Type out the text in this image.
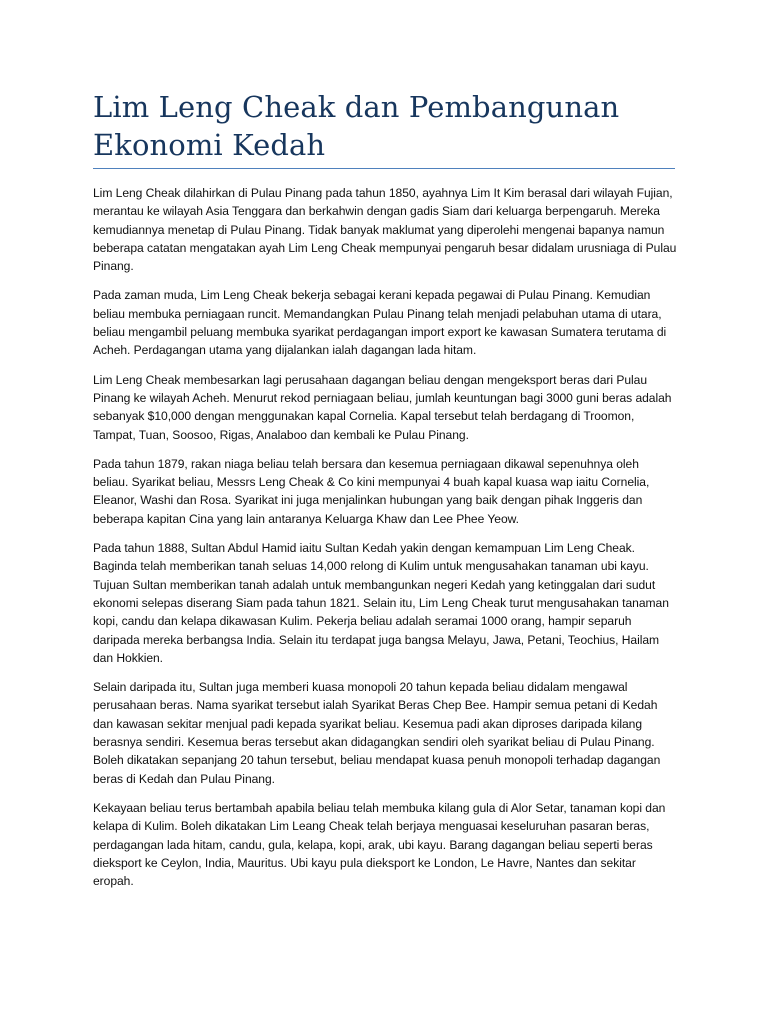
Lim Leng Cheak dan Pembangunan Ekonomi Kedah

Lim Leng Cheak dilahirkan di Pulau Pinang pada tahun 1850, ayahnya Lim It Kim berasal dari wilayah Fujian, merantau ke wilayah Asia Tenggara dan berkahwin dengan gadis Siam dari keluarga berpengaruh. Mereka kemudiannya menetap di Pulau Pinang. Tidak banyak maklumat yang diperolehi mengenai bapanya namun beberapa catatan mengatakan ayah Lim Leng Cheak mempunyai pengaruh besar didalam urusniaga di Pulau Pinang.

Pada zaman muda, Lim Leng Cheak bekerja sebagai kerani kepada pegawai di Pulau Pinang. Kemudian beliau membuka perniagaan runcit. Memandangkan Pulau Pinang telah menjadi pelabuhan utama di utara, beliau mengambil peluang membuka syarikat perdagangan import export ke kawasan Sumatera terutama di Acheh. Perdagangan utama yang dijalankan ialah dagangan lada hitam.

Lim Leng Cheak membesarkan lagi perusahaan dagangan beliau dengan mengeksport beras dari Pulau Pinang ke wilayah Acheh. Menurut rekod perniagaan beliau, jumlah keuntungan bagi 3000 guni beras adalah sebanyak $10,000 dengan menggunakan kapal Cornelia. Kapal tersebut telah berdagang di Troomon, Tampat, Tuan, Soosoo, Rigas, Analaboo dan kembali ke Pulau Pinang.

Pada tahun 1879, rakan niaga beliau telah bersara dan kesemua perniagaan dikawal sepenuhnya oleh beliau. Syarikat beliau, Messrs Leng Cheak & Co kini mempunyai 4 buah kapal kuasa wap iaitu Cornelia, Eleanor, Washi dan Rosa. Syarikat ini juga menjalinkan hubungan yang baik dengan pihak Inggeris dan beberapa kapitan Cina yang lain antaranya Keluarga Khaw dan Lee Phee Yeow.

Pada tahun 1888, Sultan Abdul Hamid iaitu Sultan Kedah yakin dengan kemampuan Lim Leng Cheak. Baginda telah memberikan tanah seluas 14,000 relong di Kulim untuk mengusahakan tanaman ubi kayu. Tujuan Sultan memberikan tanah adalah untuk membangunkan negeri Kedah yang ketinggalan dari sudut ekonomi selepas diserang Siam pada tahun 1821. Selain itu, Lim Leng Cheak turut mengusahakan tanaman kopi, candu dan kelapa dikawasan Kulim. Pekerja beliau adalah seramai 1000 orang, hampir separuh daripada mereka berbangsa India. Selain itu terdapat juga bangsa Melayu, Jawa, Petani, Teochius, Hailam dan Hokkien.

Selain daripada itu, Sultan juga memberi kuasa monopoli 20 tahun kepada beliau didalam mengawal perusahaan beras. Nama syarikat tersebut ialah Syarikat Beras Chep Bee. Hampir semua petani di Kedah dan kawasan sekitar menjual padi kepada syarikat beliau. Kesemua padi akan diproses daripada kilang berasnya sendiri. Kesemua beras tersebut akan didagangkan sendiri oleh syarikat beliau di Pulau Pinang. Boleh dikatakan sepanjang 20 tahun tersebut, beliau mendapat kuasa penuh monopoli terhadap dagangan beras di Kedah dan Pulau Pinang.

Kekayaan beliau terus bertambah apabila beliau telah membuka kilang gula di Alor Setar, tanaman kopi dan kelapa di Kulim. Boleh dikatakan Lim Leang Cheak telah berjaya menguasai keseluruhan pasaran beras, perdagangan lada hitam, candu, gula, kelapa, kopi, arak, ubi kayu. Barang dagangan beliau seperti beras dieksport ke Ceylon, India, Mauritus. Ubi kayu pula dieksport ke London, Le Havre, Nantes dan sekitar eropah.
